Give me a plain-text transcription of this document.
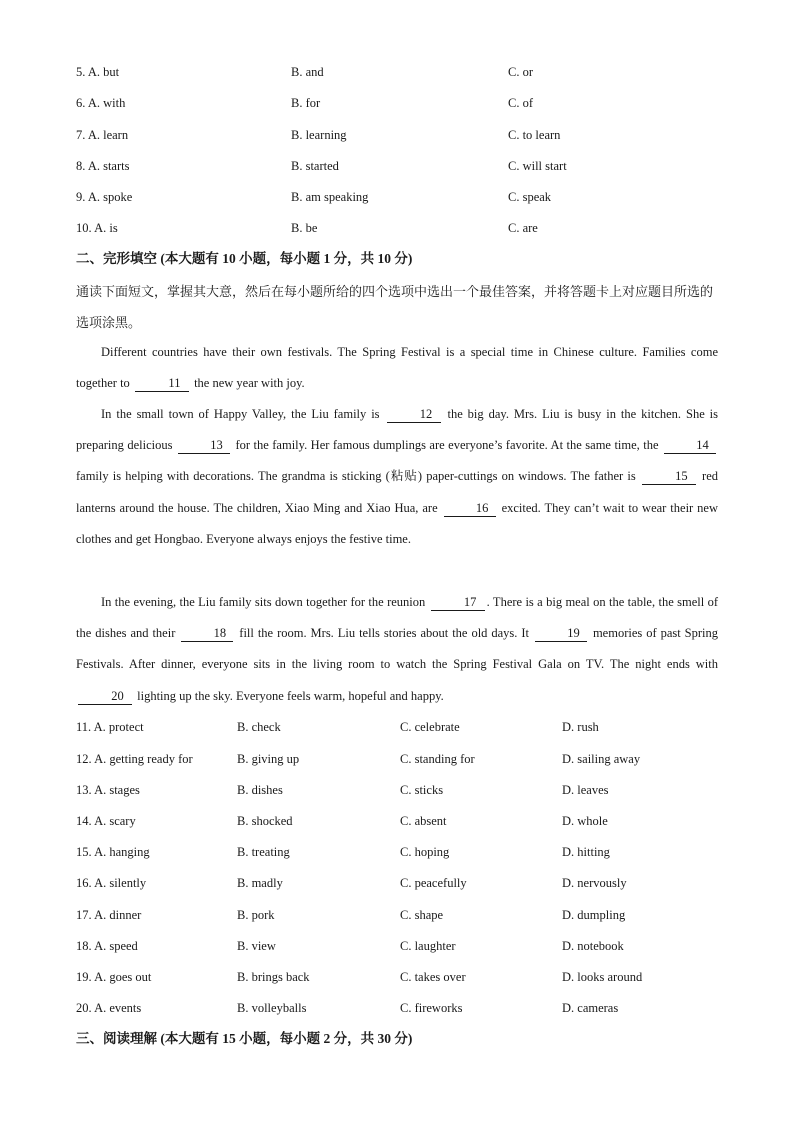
5. A. but	B. and	C. or
6. A. with	B. for	C. of
7. A. learn	B. learning	C. to learn
8. A. starts	B. started	C. will start
9. A. spoke	B. am speaking	C. speak
10. A. is	B. be	C. are
二、完形填空 (本大题有 10 小题，每小题 1 分，共 10 分)
通读下面短文，掌握其大意，然后在每小题所给的四个选项中选出一个最佳答案，并将答题卡上对应题目所选的选项涂黑。

Different countries have their own festivals. The Spring Festival is a special time in Chinese culture. Families come together to	11 the new year with joy.

In the small town of Happy Valley, the Liu family is	12 the big day. Mrs. Liu is busy in the kitchen. She is preparing delicious	13 for the family. Her famous dumplings are everyone’s favorite. At the same time, the	14 family is helping with decorations. The grandma is sticking (粘贴) paper-cuttings on windows. The father is	15 red lanterns around the house. The children, Xiao Ming and Xiao Hua, are	16 excited. They can’t wait to wear their new clothes and get Hongbao. Everyone always enjoys the festive time.

In the evening, the Liu family sits down together for the reunion	17 . There is a big meal on the table, the smell of the dishes and their	18 fill the room. Mrs. Liu tells stories about the old days. It	19 memories of past Spring Festivals. After dinner, everyone sits in the living room to watch the Spring Festival Gala on TV. The night ends with 20 lighting up the sky. Everyone feels warm, hopeful and happy.

11. A. protect	B. check	C. celebrate	D. rush
12. A. getting ready for	B. giving up	C. standing for	D. sailing away
13. A. stages	B. dishes	C. sticks	D. leaves
14. A. scary	B. shocked	C. absent	D. whole
15. A. hanging	B. treating	C. hoping	D. hitting
16. A. silently	B. madly	C. peacefully	D. nervously
17. A. dinner	B. pork	C. shape	D. dumpling
18. A. speed	B. view	C. laughter	D. notebook
19. A. goes out	B. brings back	C. takes over	D. looks around
20. A. events	B. volleyballs	C. fireworks	D. cameras
三、阅读理解 (本大题有 15 小题，每小题 2 分，共 30 分)
